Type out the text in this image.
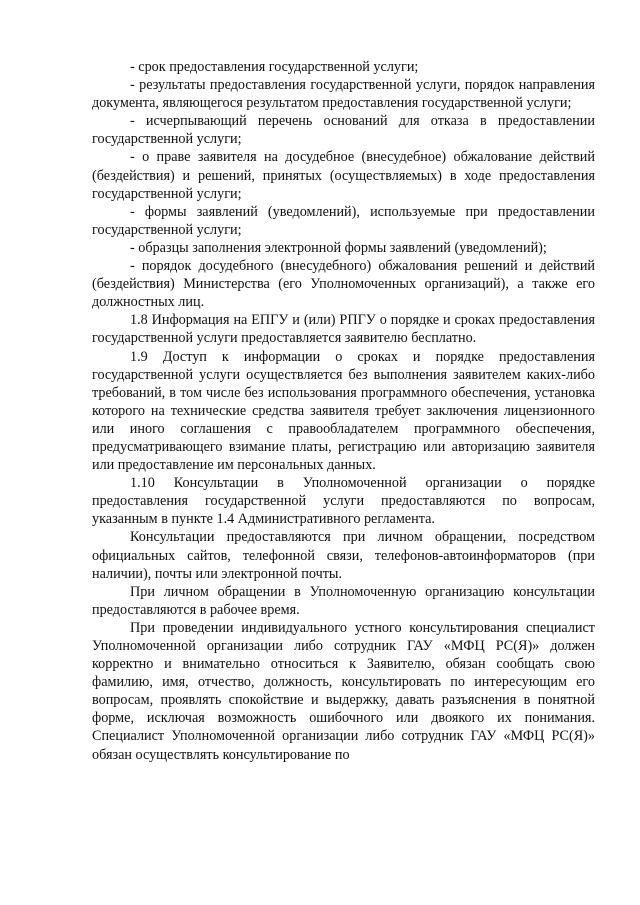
- срок предоставления государственной услуги;

- результаты предоставления государственной услуги, порядок направления документа, являющегося результатом предоставления государственной услуги;

- исчерпывающий перечень оснований для отказа в предоставлении государственной услуги;

- о праве заявителя на досудебное (внесудебное) обжалование действий (бездействия) и решений, принятых (осуществляемых) в ходе предоставления государственной услуги;

- формы заявлений (уведомлений), используемые при предоставлении государственной услуги;

- образцы заполнения электронной формы заявлений (уведомлений);

- порядок досудебного (внесудебного) обжалования решений и действий (бездействия) Министерства (его Уполномоченных организаций), а также его должностных лиц.

1.8 Информация на ЕПГУ и (или) РПГУ о порядке и сроках предоставления государственной услуги предоставляется заявителю бесплатно.

1.9 Доступ к информации о сроках и порядке предоставления государственной услуги осуществляется без выполнения заявителем каких-либо требований, в том числе без использования программного обеспечения, установка которого на технические средства заявителя требует заключения лицензионного или иного соглашения с правообладателем программного обеспечения, предусматривающего взимание платы, регистрацию или авторизацию заявителя или предоставление им персональных данных.

1.10 Консультации в Уполномоченной организации о порядке предоставления государственной услуги предоставляются по вопросам, указанным в пункте 1.4 Административного регламента.

Консультации предоставляются при личном обращении, посредством официальных сайтов, телефонной связи, телефонов-автоинформаторов (при наличии), почты или электронной почты.

При личном обращении в Уполномоченную организацию консультации предоставляются в рабочее время.

При проведении индивидуального устного консультирования специалист Уполномоченной организации либо сотрудник ГАУ «МФЦ РС(Я)» должен корректно и внимательно относиться к Заявителю, обязан сообщать свою фамилию, имя, отчество, должность, консультировать по интересующим его вопросам, проявлять спокойствие и выдержку, давать разъяснения в понятной форме, исключая возможность ошибочного или двоякого их понимания. Специалист Уполномоченной организации либо сотрудник ГАУ «МФЦ РС(Я)» обязан осуществлять консультирование по
